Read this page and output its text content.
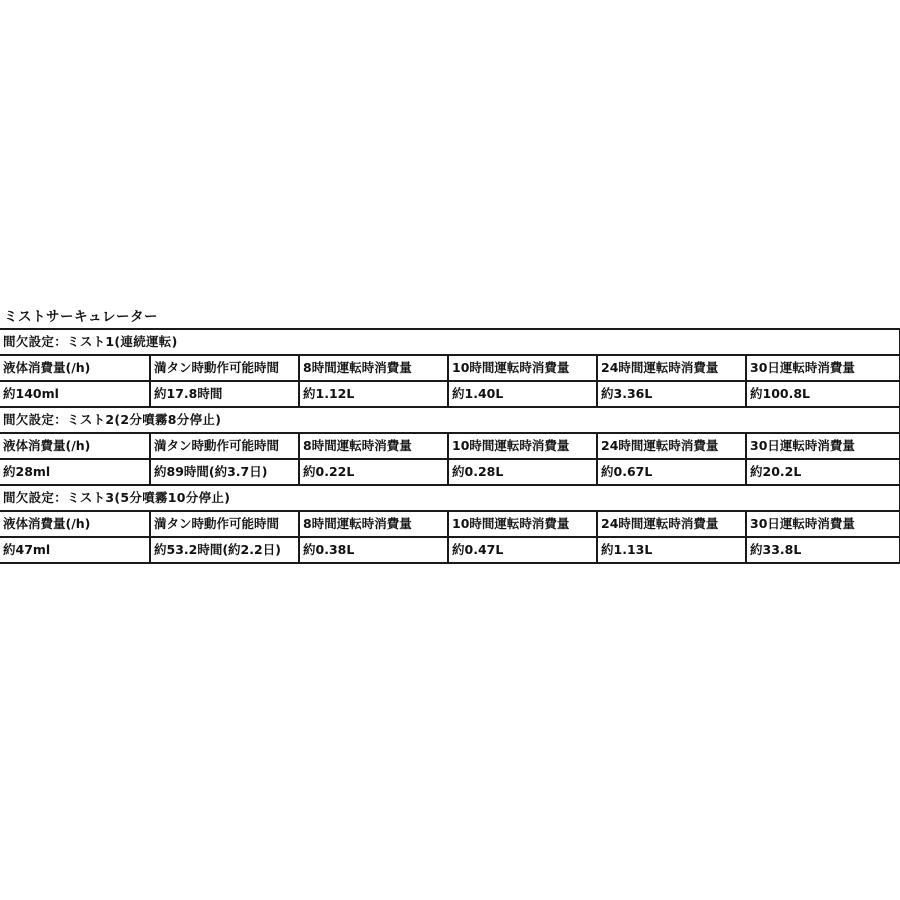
ミストサーキュレーター
間欠設定：ミスト1(連続運転)					
液体消費量(/h)	満タン時動作可能時間	8時間運転時消費量	10時間運転時消費量	24時間運転時消費量	30日運転時消費量
約140ml	約17.8時間	約1.12L	約1.40L	約3.36L	約100.8L
間欠設定：ミスト2(2分噴霧8分停止)					
液体消費量(/h)	満タン時動作可能時間	8時間運転時消費量	10時間運転時消費量	24時間運転時消費量	30日運転時消費量
約28ml	約89時間(約3.7日)	約0.22L	約0.28L	約0.67L	約20.2L
間欠設定：ミスト3(5分噴霧10分停止)					
液体消費量(/h)	満タン時動作可能時間	8時間運転時消費量	10時間運転時消費量	24時間運転時消費量	30日運転時消費量
約47ml	約53.2時間(約2.2日)	約0.38L	約0.47L	約1.13L	約33.8L
